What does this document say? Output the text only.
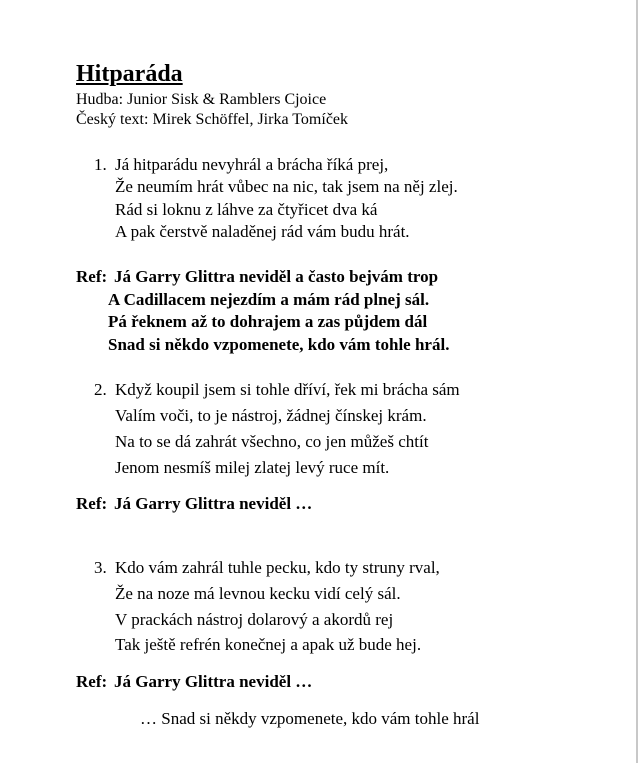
Hitparáda
Hudba: Junior Sisk & Ramblers Cjoice
Český text: Mirek Schöffel, Jirka Tomíček
1. Já hitparádu nevyhrál a brácha říká prej,
Že neumím hrát vůbec na nic, tak jsem na něj zlej.
Rád si loknu z láhve za čtyřicet dva ká
A pak čerstvě naladěnej rád vám budu hrát.
Ref: Já Garry Glittra neviděl a často bejvám trop
A Cadillacem nejezdím a mám rád plnej sál.
Pá řeknem až to dohrajem a zas půjdem dál
Snad si někdo vzpomenete, kdo vám tohle hrál.
2. Když koupil jsem si tohle dříví, řek mi brácha sám
Valím voči, to je nástroj, žádnej čínskej krám.
Na to se dá zahrát všechno, co jen můžeš chtít
Jenom nesmíš milej zlatej levý ruce mít.
Ref: Já Garry Glittra neviděl …
3. Kdo vám zahrál tuhle pecku, kdo ty struny rval,
Že na noze má levnou kecku vidí celý sál.
V prackách nástroj dolarový a akordů rej
Tak ještě refrén konečnej a apak už bude hej.
Ref: Já Garry Glittra neviděl …
… Snad si někdy vzpomenete, kdo vám tohle hrál
